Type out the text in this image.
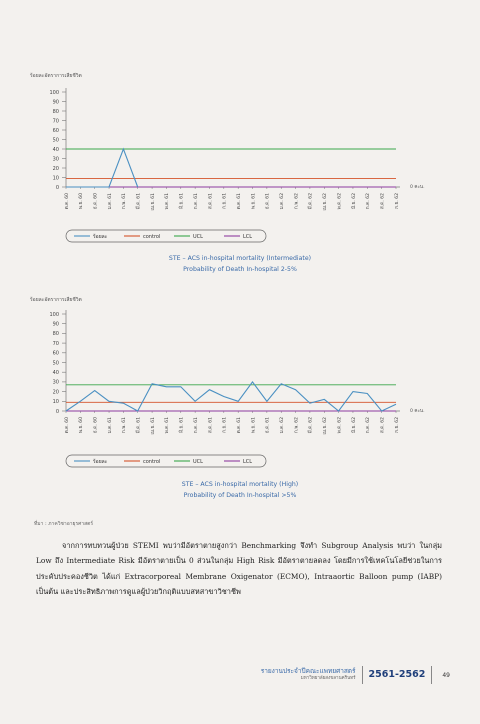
ร้อยละอัตราการเสียชีวิต
0
10
20
30
40
50
60
70
80
90
100
ต.ค. 60 พ.ย. 60 ธ.ค. 60 ม.ค. 61 ก.พ. 61	มี.ค. 61 เม.ย. 61 พ.ค. 61 มิ.ย. 61 ก.ค. 61 ส.ค. 61 ก.ย. 61 ต.ค. 61 พ.ย. 61 ธ.ค. 61 ม.ค. 62 ก.พ. 62	มี.ค. 62 เม.ย. 62 พ.ค. 62 มิ.ย. 62 ก.ค. 62 ส.ค. 62 ก.ย. 62
0 คะน.
ร้อยละ	control	UCL	LCL
STE – ACS in-hospital mortality (Intermediate)
Probability of Death In-hospital 2-5%
ร้อยละอัตราการเสียชีวิต
0
10
20
30
40
50
60
70
80
90
100
ต.ค. 60 พ.ย. 60 ธ.ค. 60 ม.ค. 61 ก.พ. 61	มี.ค. 61 เม.ย. 61 พ.ค. 61 มิ.ย. 61 ก.ค. 61 ส.ค. 61 ก.ย. 61 ต.ค. 61 พ.ย. 61 ธ.ค. 61 ม.ค. 62 ก.พ. 62	มี.ค. 62 เม.ย. 62 พ.ค. 62 มิ.ย. 62 ก.ค. 62 ส.ค. 62 ก.ย. 62
0 คะน.
ร้อยละ	control	UCL	LCL
STE – ACS in-hospital mortality (High)
Probability of Death In-hospital >5%
ที่มา : ภาควิชาอายุรศาสตร์

จากการทบทวนผู้ป่วย STEMI พบว่ามีอัตราตายสูงกว่า Benchmarking จึงทำ Subgroup Analysis พบว่า ในกลุ่ม Low ถึง Intermediate Risk มีอัตราตายเป็น 0 ส่วนในกลุ่ม High Risk มีอัตราตายลดลง โดยมีการใช้เทคโนโลยีช่วยในการประคับประคองชีวิต ได้แก่ Extracorporeal Membrane Oxigenator (ECMO), Intraaortic Balloon pump (IABP) เป็นต้น และประสิทธิภาพการดูแลผู้ป่วยวิกฤติแบบสหสาขาวิชาชีพ

รายงานประจำปีคณะแพทยศาสตร์
มหาวิทยาลัยสงขลานครินทร์	2561-2562	49
